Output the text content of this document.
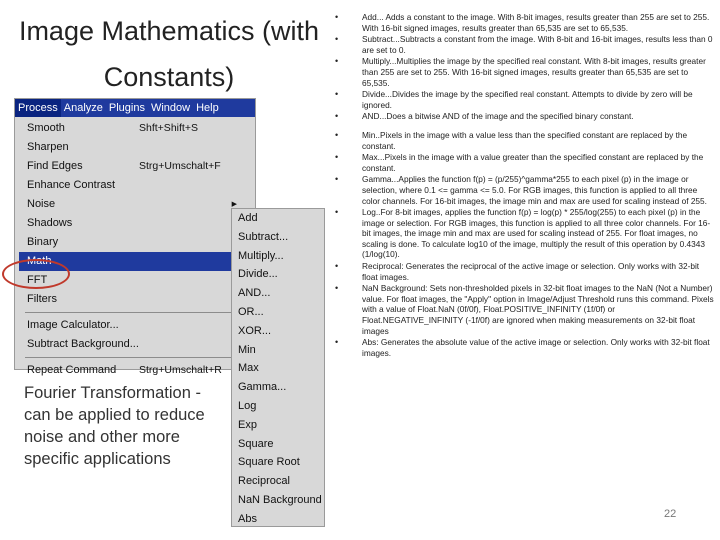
Image Mathematics (with
Constants)
Process Analyze Plugins Window Help
Smooth	Shft+Shift+S
Sharpen
Find Edges	Strg+Umschalt+F
Enhance Contrast
Noise	▶
Shadows
Binary
Math
FFT
Filters
Image Calculator...
Subtract Background...
Repeat Command Strg+Umschalt+R
Add
Subtract...
Multiply...
Divide...
AND...
OR...
XOR...
Min
Max
Gamma...
Log
Exp
Square
Square Root
Reciprocal
NaN Background
Abs
Fourier Transformation - can be applied to reduce noise and other more specific applications
•	Add... Adds a constant to the image. With 8-bit images, results greater than 255 are set to 255. With 16-bit signed images, results greater than 65,535 are set to 65,535.
•	Subtract...Subtracts a constant from the image. With 8-bit and 16-bit images, results less than 0 are set to 0.
•	Multiply...Multiplies the image by the specified real constant. With 8-bit images, results greater than 255 are set to 255. With 16-bit signed images, results greater than 65,535 are set to 65,535.
•	Divide...Divides the image by the specified real constant. Attempts to divide by zero will be ignored.
•	AND...Does a bitwise AND of the image and the specified binary constant.
•	Min..Pixels in the image with a value less than the specified constant are replaced by the constant.
•	Max...Pixels in the image with a value greater than the specified constant are replaced by the constant.
•	Gamma...Applies the function f(p) = (p/255)^gamma*255 to each pixel (p) in the image or selection, where 0.1 <= gamma <= 5.0. For RGB images, this function is applied to all three color channels. For 16-bit images, the image min and max are used for scaling instead of 255.
•	Log..For 8-bit images, applies the function f(p) = log(p) * 255/log(255) to each pixel (p) in the image or selection. For RGB images, this function is applied to all three color channels. For 16-bit images, the image min and max are used for scaling instead of 255. For float images, no scaling is done. To calculate log10 of the image, multiply the result of this operation by 0.4343 (1/log(10).
•	Reciprocal: Generates the reciprocal of the active image or selection. Only works with 32-bit float images.
•	NaN Background: Sets non-thresholded pixels in 32-bit float images to the NaN (Not a Number) value. For float images, the "Apply" option in Image/Adjust Threshold runs this command. Pixels with a value of Float.NaN (0f/0f), Float.POSITIVE_INFINITY (1f/0f) or Float.NEGATIVE_INFINITY (-1f/0f) are ignored when making measurements on 32-bit float images
•	Abs: Generates the absolute value of the active image or selection. Only works with 32-bit float images.
22
